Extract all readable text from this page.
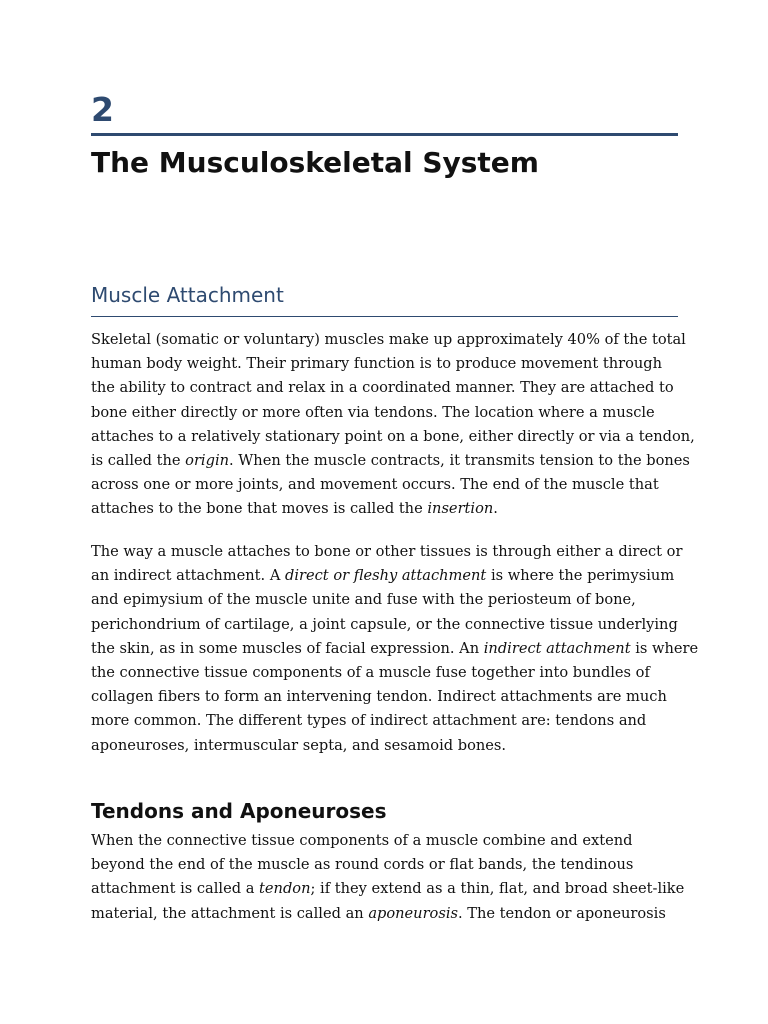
2
The Musculoskeletal System
Muscle Attachment

Skeletal (somatic or voluntary) muscles make up approximately 40% of the total
human body weight. Their primary function is to produce movement through
the ability to contract and relax in a coordinated manner. They are attached to
bone either directly or more often via tendons. The location where a muscle
attaches to a relatively stationary point on a bone, either directly or via a tendon,
is called the origin. When the muscle contracts, it transmits tension to the bones
across one or more joints, and movement occurs. The end of the muscle that
attaches to the bone that moves is called the insertion.

The way a muscle attaches to bone or other tissues is through either a direct or
an indirect attachment. A direct or fleshy attachment is where the perimysium
and epimysium of the muscle unite and fuse with the periosteum of bone,
perichondrium of cartilage, a joint capsule, or the connective tissue underlying
the skin, as in some muscles of facial expression. An indirect attachment is where
the connective tissue components of a muscle fuse together into bundles of
collagen fibers to form an intervening tendon. Indirect attachments are much
more common. The different types of indirect attachment are: tendons and
aponeuroses, intermuscular septa, and sesamoid bones.

Tendons and Aponeuroses

When the connective tissue components of a muscle combine and extend
beyond the end of the muscle as round cords or flat bands, the tendinous
attachment is called a tendon; if they extend as a thin, flat, and broad sheet-like
material, the attachment is called an aponeurosis. The tendon or aponeurosis
